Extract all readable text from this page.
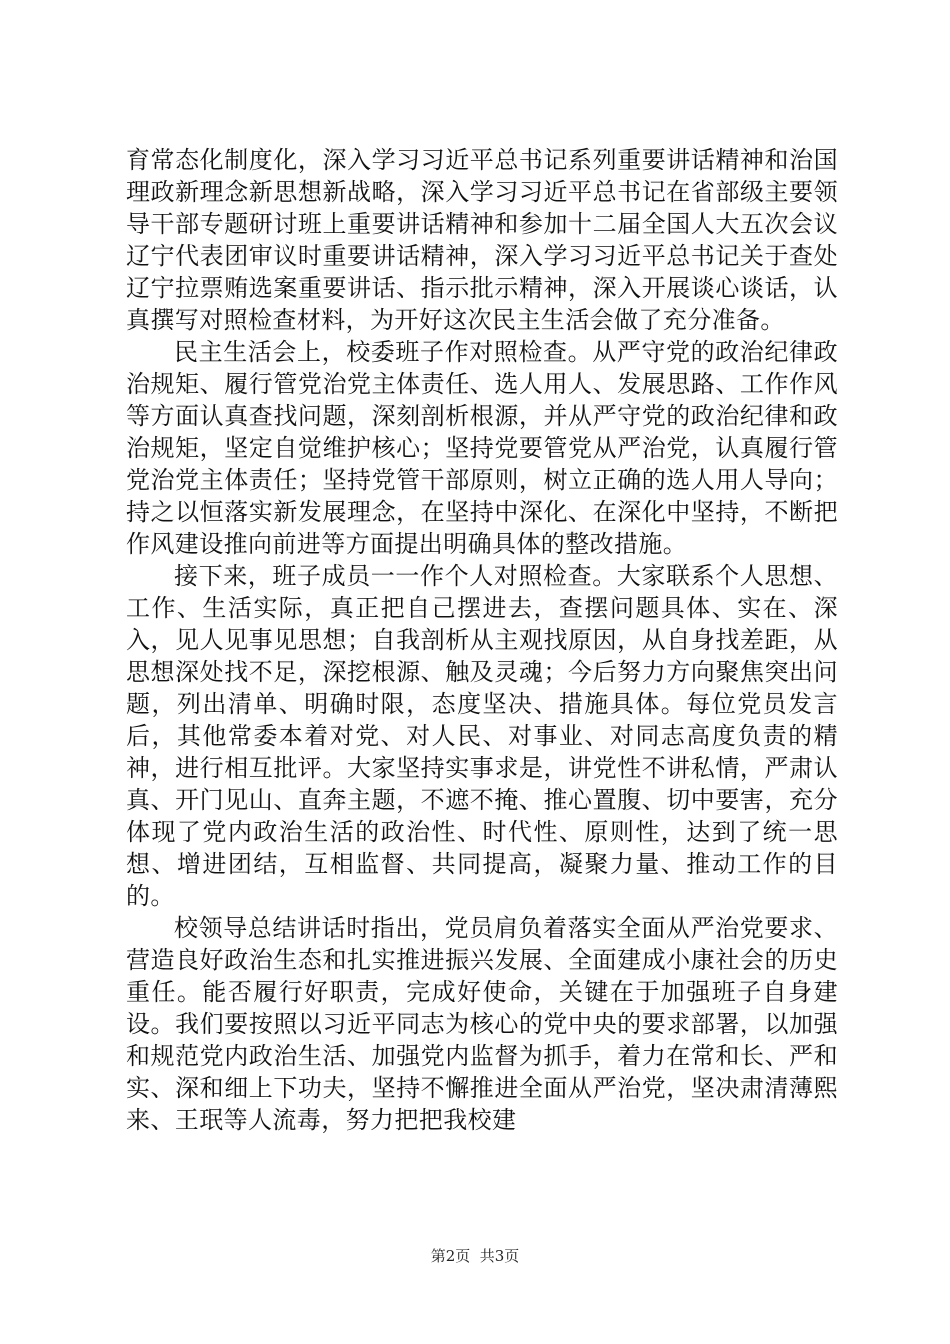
育常态化制度化，深入学习习近平总书记系列重要讲话精神和治国理政新理念新思想新战略，深入学习习近平总书记在省部级主要领导干部专题研讨班上重要讲话精神和参加十二届全国人大五次会议辽宁代表团审议时重要讲话精神，深入学习习近平总书记关于查处辽宁拉票贿选案重要讲话、指示批示精神，深入开展谈心谈话，认真撰写对照检查材料，为开好这次民主生活会做了充分准备。

民主生活会上，校委班子作对照检查。从严守党的政治纪律政治规矩、履行管党治党主体责任、选人用人、发展思路、工作作风等方面认真查找问题，深刻剖析根源，并从严守党的政治纪律和政治规矩，坚定自觉维护核心；坚持党要管党从严治党，认真履行管党治党主体责任；坚持党管干部原则，树立正确的选人用人导向；持之以恒落实新发展理念，在坚持中深化、在深化中坚持，不断把作风建设推向前进等方面提出明确具体的整改措施。

接下来，班子成员一一作个人对照检查。大家联系个人思想、工作、生活实际，真正把自己摆进去，查摆问题具体、实在、深入，见人见事见思想；自我剖析从主观找原因，从自身找差距，从思想深处找不足，深挖根源、触及灵魂；今后努力方向聚焦突出问题，列出清单、明确时限，态度坚决、措施具体。每位党员发言后，其他常委本着对党、对人民、对事业、对同志高度负责的精神，进行相互批评。大家坚持实事求是，讲党性不讲私情，严肃认真、开门见山、直奔主题，不遮不掩、推心置腹、切中要害，充分体现了党内政治生活的政治性、时代性、原则性，达到了统一思想、增进团结，互相监督、共同提高，凝聚力量、推动工作的目的。

校领导总结讲话时指出，党员肩负着落实全面从严治党要求、营造良好政治生态和扎实推进振兴发展、全面建成小康社会的历史重任。能否履行好职责，完成好使命，关键在于加强班子自身建设。我们要按照以习近平同志为核心的党中央的要求部署，以加强和规范党内政治生活、加强党内监督为抓手，着力在常和长、严和实、深和细上下功夫，坚持不懈推进全面从严治党，坚决肃清薄熙来、王珉等人流毒，努力把把我校建

第2页  共3页
